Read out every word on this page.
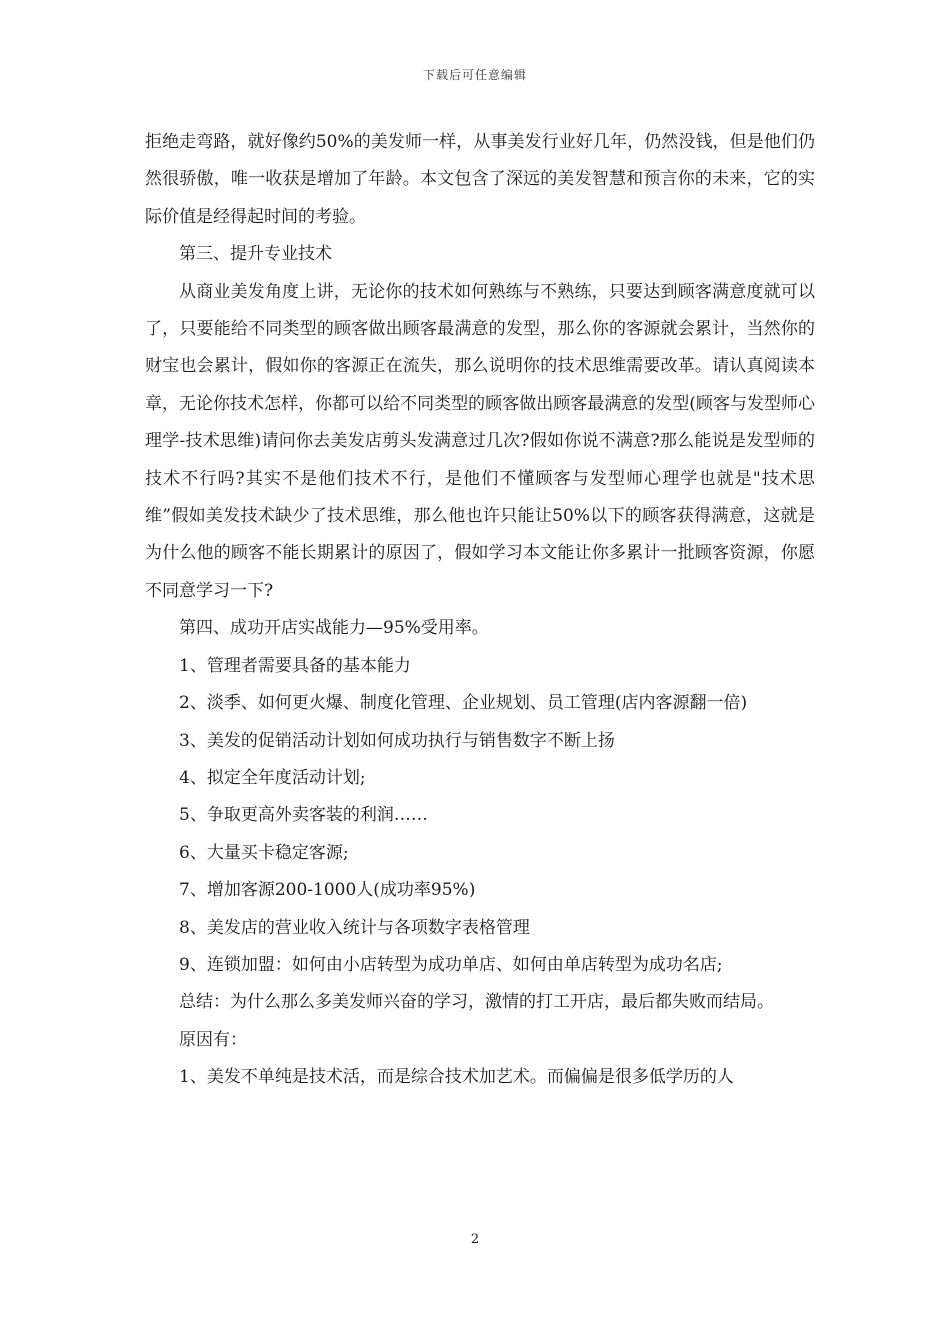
下载后可任意编辑

拒绝走弯路，就好像约50%的美发师一样，从事美发行业好几年，仍然没钱，但是他们仍然很骄傲，唯一收获是增加了年龄。本文包含了深远的美发智慧和预言你的未来，它的实际价值是经得起时间的考验。

第三、提升专业技术

从商业美发角度上讲，无论你的技术如何熟练与不熟练，只要达到顾客满意度就可以了，只要能给不同类型的顾客做出顾客最满意的发型，那么你的客源就会累计，当然你的财宝也会累计，假如你的客源正在流失，那么说明你的技术思维需要改革。请认真阅读本章，无论你技术怎样，你都可以给不同类型的顾客做出顾客最满意的发型(顾客与发型师心理学-技术思维)请问你去美发店剪头发满意过几次?假如你说不满意?那么能说是发型师的技术不行吗?其实不是他们技术不行，是他们不懂顾客与发型师心理学也就是"技术思维”假如美发技术缺少了技术思维，那么他也许只能让50%以下的顾客获得满意，这就是为什么他的顾客不能长期累计的原因了，假如学习本文能让你多累计一批顾客资源，你愿不同意学习一下?

第四、成功开店实战能力—95%受用率。

1、管理者需要具备的基本能力

2、淡季、如何更火爆、制度化管理、企业规划、员工管理(店内客源翻一倍)

3、美发的促销活动计划如何成功执行与销售数字不断上扬

4、拟定全年度活动计划;

5、争取更高外卖客装的利润……

6、大量买卡稳定客源;

7、增加客源200-1000人(成功率95%)

8、美发店的营业收入统计与各项数字表格管理

9、连锁加盟：如何由小店转型为成功单店、如何由单店转型为成功名店;

总结：为什么那么多美发师兴奋的学习，激情的打工开店，最后都失败而结局。

原因有：

1、美发不单纯是技术活，而是综合技术加艺术。而偏偏是很多低学历的人

2
